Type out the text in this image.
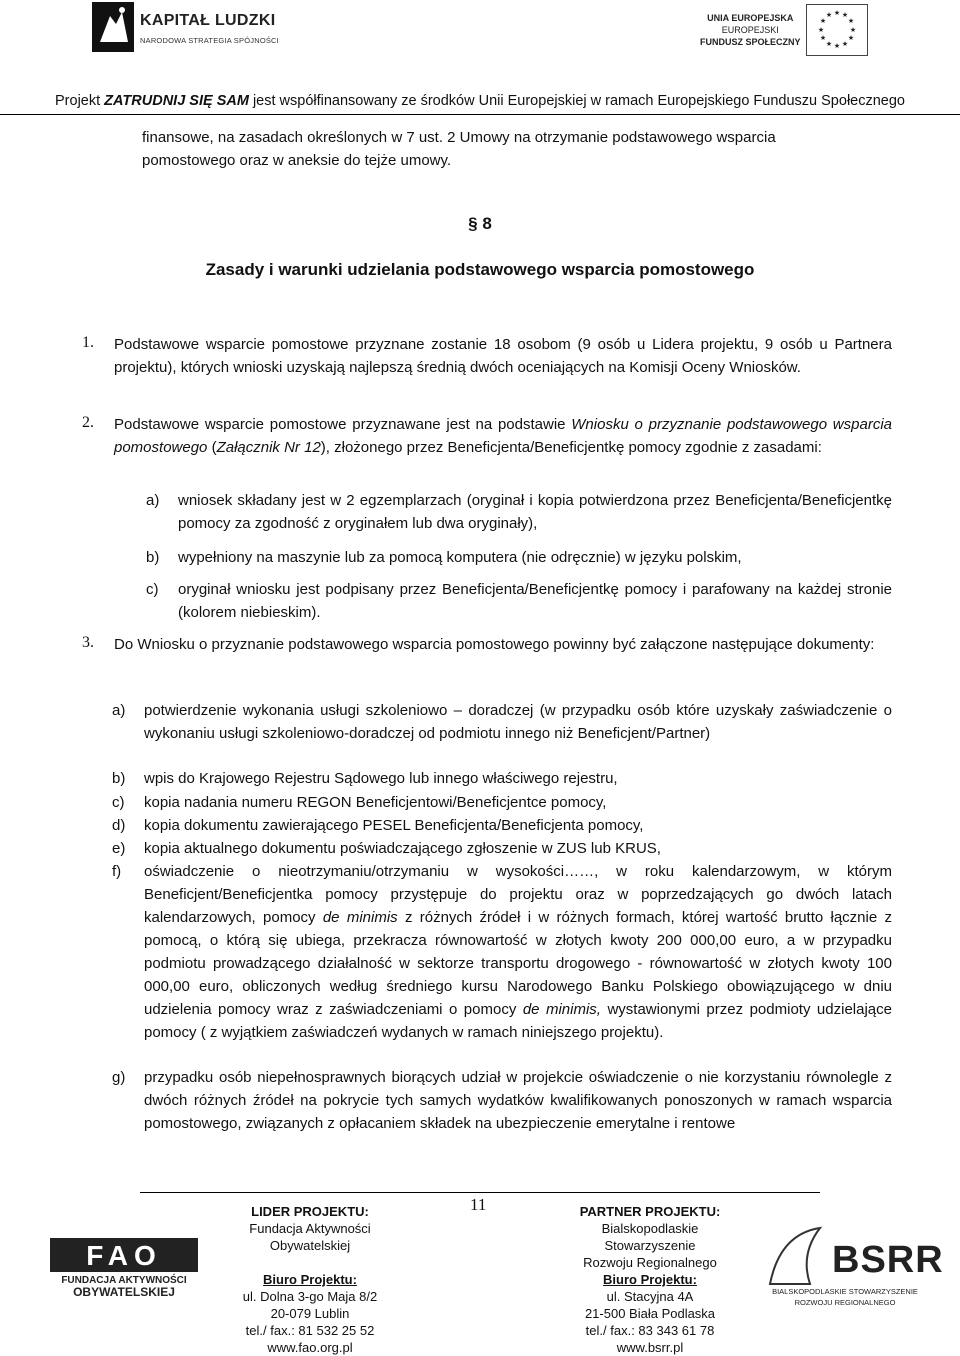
KAPITAŁ LUDZKI
NARODOWA STRATEGIA SPÓJNOŚCI
UNIA EUROPEJSKA
EUROPEJSKI
FUNDUSZ SPOŁECZNY
★ ★
★
★
★
★
★
★
★
★
★
★
Projekt ZATRUDNIJ SIĘ SAM jest współfinansowany ze środków Unii Europejskiej w ramach Europejskiego Funduszu Społecznego
finansowe, na zasadach określonych w 7 ust. 2 Umowy na otrzymanie podstawowego wsparcia
pomostowego oraz w aneksie do tejże umowy.
§ 8
Zasady i warunki udzielania podstawowego wsparcia pomostowego
1. Podstawowe wsparcie pomostowe przyznane zostanie 18 osobom (9 osób u Lidera projektu, 9 osób u Partnera projektu), których wnioski uzyskają najlepszą średnią dwóch oceniających na Komisji Oceny Wniosków.
2. Podstawowe wsparcie pomostowe przyznawane jest na podstawie Wniosku o przyznanie podstawowego wsparcia pomostowego (Załącznik Nr 12), złożonego przez Beneficjenta/Beneficjentkę pomocy zgodnie z zasadami:
a) wniosek składany jest w 2 egzemplarzach (oryginał i kopia potwierdzona przez Beneficjenta/Beneficjentkę pomocy za zgodność z oryginałem lub dwa oryginały),
b) wypełniony na maszynie lub za pomocą komputera (nie odręcznie) w języku polskim,
c) oryginał wniosku jest podpisany przez Beneficjenta/Beneficjentkę pomocy i parafowany na każdej stronie (kolorem niebieskim).
3. Do Wniosku o przyznanie podstawowego wsparcia pomostowego powinny być załączone następujące dokumenty:
a) potwierdzenie wykonania usługi szkoleniowo – doradczej (w przypadku osób które uzyskały zaświadczenie o wykonaniu usługi szkoleniowo-doradczej od podmiotu innego niż Beneficjent/Partner)
b) wpis do Krajowego Rejestru Sądowego lub innego właściwego rejestru,
c) kopia nadania numeru REGON Beneficjentowi/Beneficjentce pomocy,
d) kopia dokumentu zawierającego PESEL Beneficjenta/Beneficjenta pomocy,
e) kopia aktualnego dokumentu poświadczającego zgłoszenie w ZUS lub KRUS,
f) oświadczenie o nieotrzymaniu/otrzymaniu w wysokości……, w roku kalendarzowym, w którym Beneficjent/Beneficjentka pomocy przystępuje do projektu oraz w poprzedzających go dwóch latach kalendarzowych, pomocy de minimis z różnych źródeł i w różnych formach, której wartość brutto łącznie z pomocą, o którą się ubiega, przekracza równowartość w złotych kwoty 200 000,00 euro, a w przypadku podmiotu prowadzącego działalność w sektorze transportu drogowego - równowartość w złotych kwoty 100 000,00 euro, obliczonych według średniego kursu Narodowego Banku Polskiego obowiązującego w dniu udzielenia pomocy wraz z zaświadczeniami o pomocy de minimis, wystawionymi przez podmioty udzielające pomocy ( z wyjątkiem zaświadczeń wydanych w ramach niniejszego projektu).
g) przypadku osób niepełnosprawnych biorących udział w projekcie oświadczenie o nie korzystaniu równolegle z dwóch różnych źródeł na pokrycie tych samych wydatków kwalifikowanych ponoszonych w ramach wsparcia pomostowego, związanych z opłacaniem składek na ubezpieczenie emerytalne i rentowe
11
FAO
FUNDACJA AKTYWNOŚCI
OBYWATELSKIEJ
LIDER PROJEKTU:
Fundacja Aktywności
Obywatelskiej

Biuro Projektu:
ul. Dolna 3-go Maja 8/2
20-079 Lublin
tel./ fax.: 81 532 25 52
www.fao.org.pl
PARTNER PROJEKTU:
Bialskopodlaskie
Stowarzyszenie
Rozwoju Regionalnego
Biuro Projektu:
ul. Stacyjna 4A
21-500 Biała Podlaska
tel./ fax.: 83 343 61 78
www.bsrr.pl
BSRR
BIALSKOPODLASKIE STOWARZYSZENIE
ROZWOJU REGIONALNEGO
